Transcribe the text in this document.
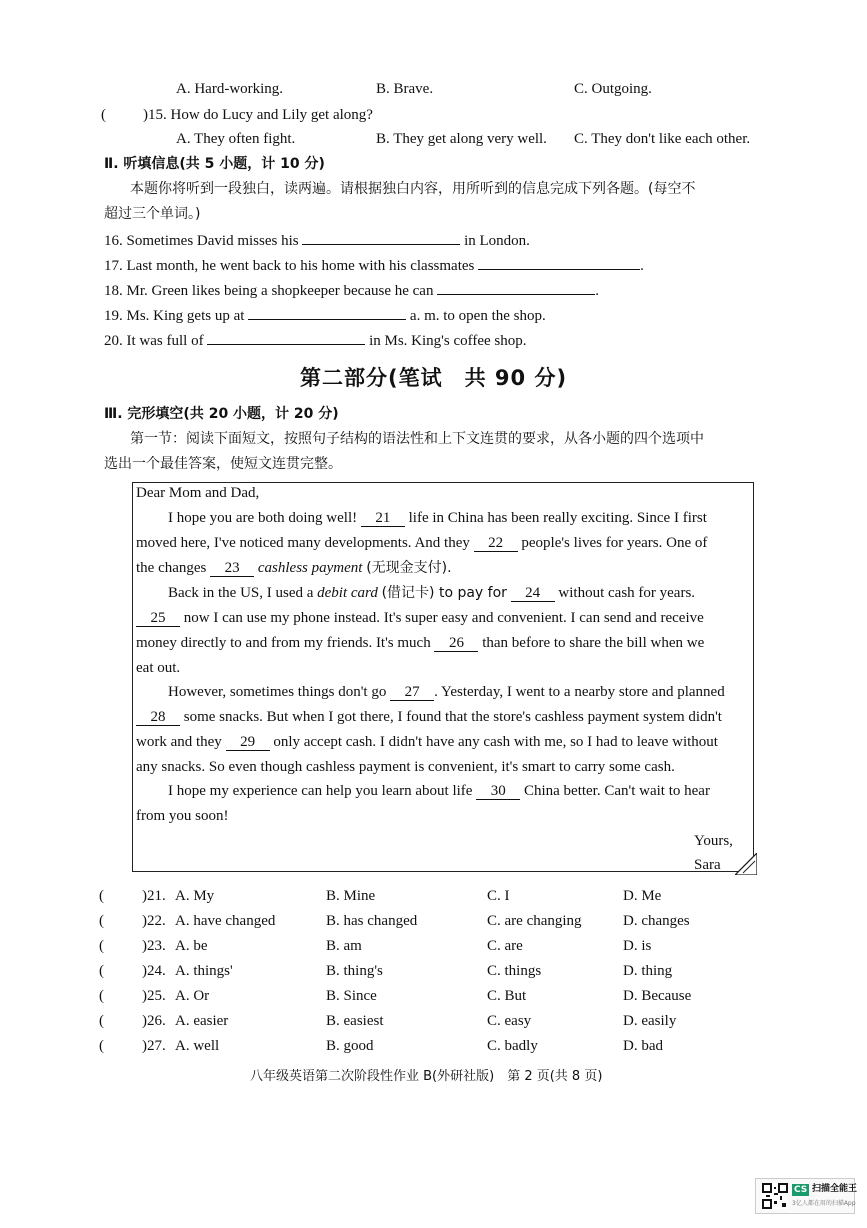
A. Hard-working.	B. Brave.	C. Outgoing.
( )15. How do Lucy and Lily get along?
A. They often fight.	B. They get along very well. C. They don't like each other.
Ⅱ. 听填信息(共 5 小题，计 10 分)
本题你将听到一段独白，读两遍。请根据独白内容，用所听到的信息完成下列各题。(每空不
超过三个单词。)
16. Sometimes David misses his	in London.
17. Last month, he went back to his home with his classmates	.
18. Mr. Green likes being a shopkeeper because he can	.
19. Ms. King gets up at	a. m. to open the shop.
20. It was full of	in Ms. King's coffee shop.
第二部分(笔试　共 90 分)
Ⅲ. 完形填空(共 20 小题，计 20 分)
第一节：阅读下面短文，按照句子结构的语法性和上下文连贯的要求，从各小题的四个选项中
选出一个最佳答案，使短文连贯完整。
Dear Mom and Dad,
I hope you are both doing well! 21 life in China has been really exciting. Since I first
moved here, I've noticed many developments. And they 22 people's lives for years. One of
the changes 23 cashless payment (无现金支付).
Back in the US, I used a debit card (借记卡) to pay for 24 without cash for years.
25 now I can use my phone instead. It's super easy and convenient. I can send and receive
money directly to and from my friends. It's much 26 than before to share the bill when we
eat out.
However, sometimes things don't go 27 . Yesterday, I went to a nearby store and planned
28 some snacks. But when I got there, I found that the store's cashless payment system didn't
work and they 29 only accept cash. I didn't have any cash with me, so I had to leave without
any snacks. So even though cashless payment is convenient, it's smart to carry some cash.
I hope my experience can help you learn about life 30 China better. Can't wait to hear
from you soon!
Yours,
Sara
(	)21. A. My	B. Mine	C. I	D. Me
(	)22. A. have changed	B. has changed	C. are changing	D. changes
(	)23. A. be	B. am	C. are	D. is
(	)24. A. things'	B. thing's	C. things	D. thing
(	)25. A. Or	B. Since	C. But	D. Because
(	)26. A. easier	B. easiest	C. easy	D. easily
(	)27. A. well	B. good	C. badly	D. bad
八年级英语第二次阶段性作业 B(外研社版)　第 2 页(共 8 页)
CS 扫描全能王
3亿人都在用的扫描App
